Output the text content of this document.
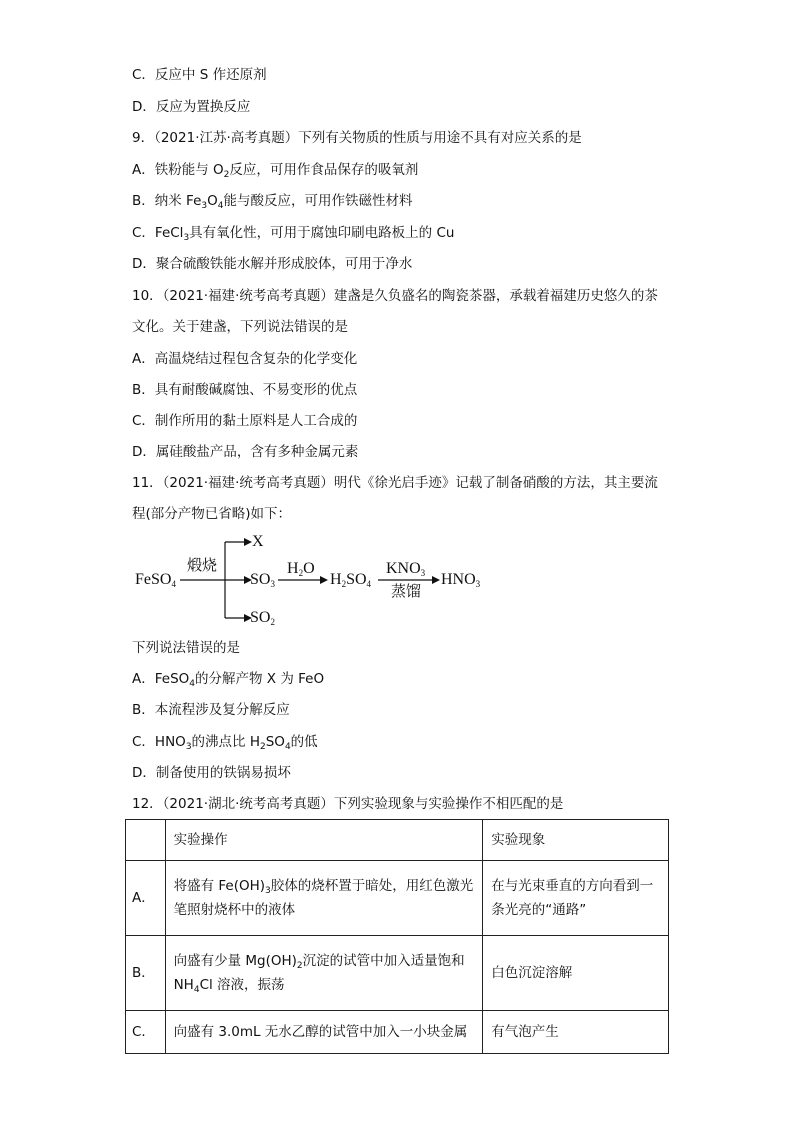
C．反应中 S 作还原剂
D．反应为置换反应
9．（2021·江苏·高考真题）下列有关物质的性质与用途不具有对应关系的是
A．铁粉能与 $O_2$反应，可用作食品保存的吸氧剂
B．纳米 $Fe_3O_4$能与酸反应，可用作铁磁性材料
C．FeCl$_3$具有氧化性，可用于腐蚀印刷电路板上的 Cu
D．聚合硫酸铁能水解并形成胶体，可用于净水
10．（2021·福建·统考高考真题）建盏是久负盛名的陶瓷茶器，承载着福建历史悠久的茶
文化。关于建盏，下列说法错误的是
A．高温烧结过程包含复杂的化学变化
B．具有耐酸碱腐蚀、不易变形的优点
C．制作所用的黏土原料是人工合成的
D．属硅酸盐产品，含有多种金属元素
11．（2021·福建·统考高考真题）明代《徐光启手迹》记载了制备硝酸的方法，其主要流
程(部分产物已省略)如下：
FeSO$_4$
煅烧
X
$SO_3$
$SO_2$
$H_2O$
$H_2SO_4$
$KNO_3$
蒸馏
$HNO_3$
下列说法错误的是
A．FeSO$_4$的分解产物 X 为 FeO
B．本流程涉及复分解反应
C．$HNO_3$的沸点比 $H_2SO_4$的低
D．制备使用的铁锅易损坏
12．（2021·湖北·统考高考真题）下列实验现象与实验操作不相匹配的是
	实验操作	实验现象
A．	将盛有 $Fe(OH)_3$胶体的烧杯置于暗处，用红色激光笔照射烧杯中的液体	在与光束垂直的方向看到一条光亮的“通路”
B．	向盛有少量 $Mg(OH)_2$沉淀的试管中加入适量饱和 $NH_4Cl$ 溶液，振荡	白色沉淀溶解
C．	向盛有 3.0mL 无水乙醇的试管中加入一小块金属	有气泡产生
